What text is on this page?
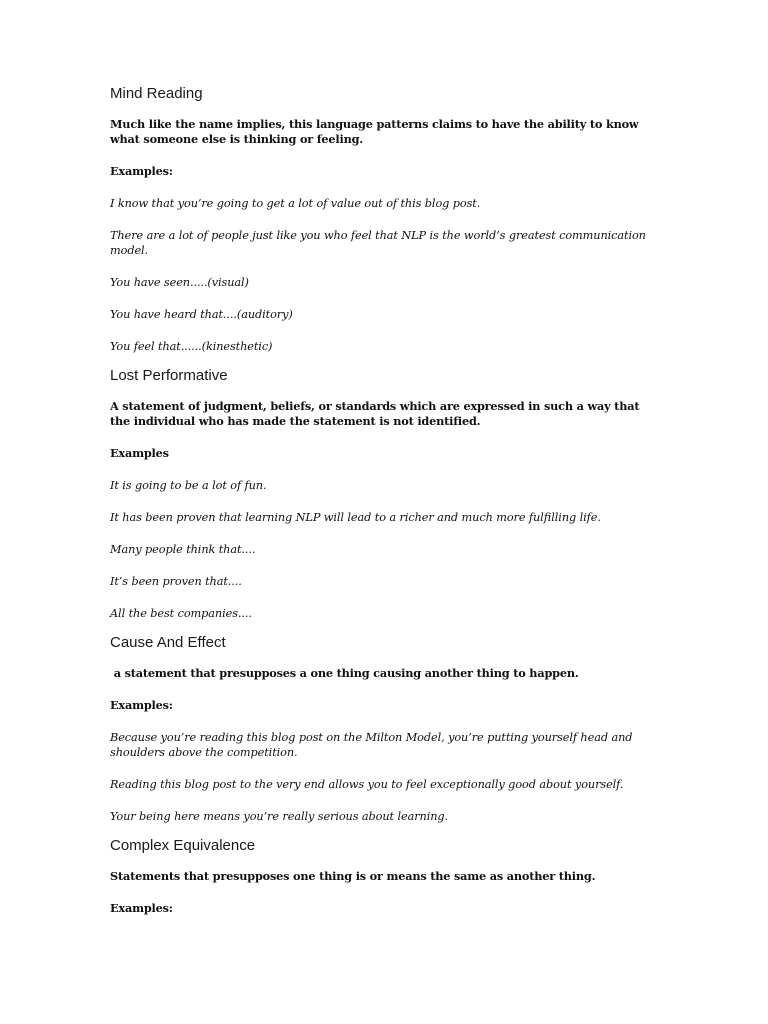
Mind Reading

Much like the name implies, this language patterns claims to have the ability to know what someone else is thinking or feeling.

Examples:

I know that you’re going to get a lot of value out of this blog post.

There are a lot of people just like you who feel that NLP is the world’s greatest communication model.

You have seen.....(visual)

You have heard that....(auditory)

You feel that......(kinesthetic)

Lost Performative

A statement of judgment, beliefs, or standards which are expressed in such a way that the individual who has made the statement is not identified.

Examples

It is going to be a lot of fun.

It has been proven that learning NLP will lead to a richer and much more fulfilling life.

Many people think that....

It’s been proven that....

All the best companies....

Cause And Effect

a statement that presupposes a one thing causing another thing to happen.

Examples:

Because you’re reading this blog post on the Milton Model, you’re putting yourself head and shoulders above the competition.

Reading this blog post to the very end allows you to feel exceptionally good about yourself.

Your being here means you’re really serious about learning.

Complex Equivalence

Statements that presupposes one thing is or means the same as another thing.

Examples:
